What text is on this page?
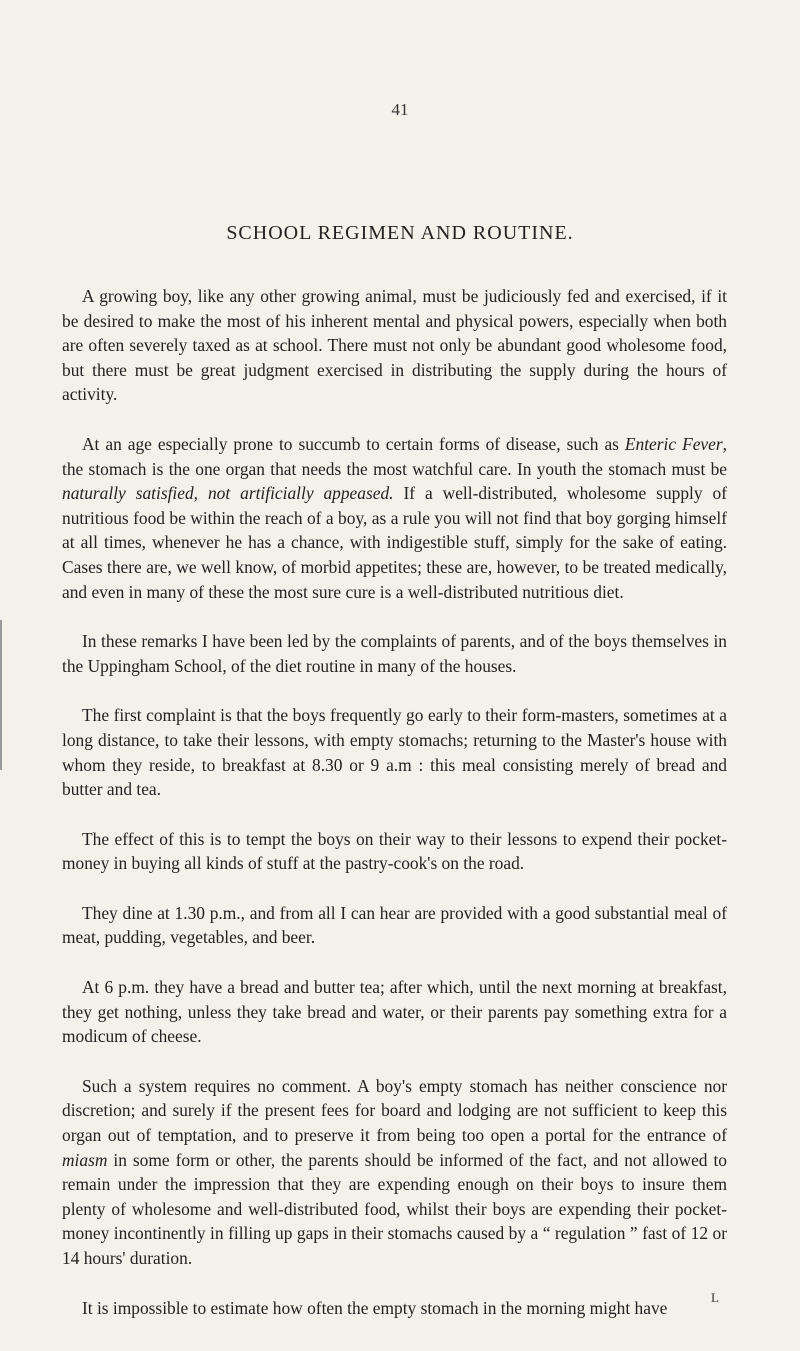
41
SCHOOL REGIMEN AND ROUTINE.

A growing boy, like any other growing animal, must be judiciously fed and exercised, if it be desired to make the most of his inherent mental and physical powers, especially when both are often severely taxed as at school. There must not only be abundant good wholesome food, but there must be great judgment exercised in distributing the supply during the hours of activity.

At an age especially prone to succumb to certain forms of disease, such as Enteric Fever, the stomach is the one organ that needs the most watchful care. In youth the stomach must be naturally satisfied, not artificially appeased. If a well-distributed, wholesome supply of nutritious food be within the reach of a boy, as a rule you will not find that boy gorging himself at all times, whenever he has a chance, with indigestible stuff, simply for the sake of eating. Cases there are, we well know, of morbid appetites; these are, however, to be treated medically, and even in many of these the most sure cure is a well-distributed nutritious diet.

In these remarks I have been led by the complaints of parents, and of the boys themselves in the Uppingham School, of the diet routine in many of the houses.

The first complaint is that the boys frequently go early to their form-masters, sometimes at a long distance, to take their lessons, with empty stomachs; returning to the Master's house with whom they reside, to breakfast at 8.30 or 9 a.m : this meal consisting merely of bread and butter and tea.

The effect of this is to tempt the boys on their way to their lessons to expend their pocket-money in buying all kinds of stuff at the pastry-cook's on the road.

They dine at 1.30 p.m., and from all I can hear are provided with a good substantial meal of meat, pudding, vegetables, and beer.

At 6 p.m. they have a bread and butter tea; after which, until the next morning at breakfast, they get nothing, unless they take bread and water, or their parents pay something extra for a modicum of cheese.

Such a system requires no comment. A boy's empty stomach has neither conscience nor discretion; and surely if the present fees for board and lodging are not sufficient to keep this organ out of temptation, and to preserve it from being too open a portal for the entrance of miasm in some form or other, the parents should be informed of the fact, and not allowed to remain under the impression that they are expending enough on their boys to insure them plenty of wholesome and well-distributed food, whilst their boys are expending their pocket-money incontinently in filling up gaps in their stomachs caused by a “ regulation ” fast of 12 or 14 hours' duration.

It is impossible to estimate how often the empty stomach in the morning might have

L
